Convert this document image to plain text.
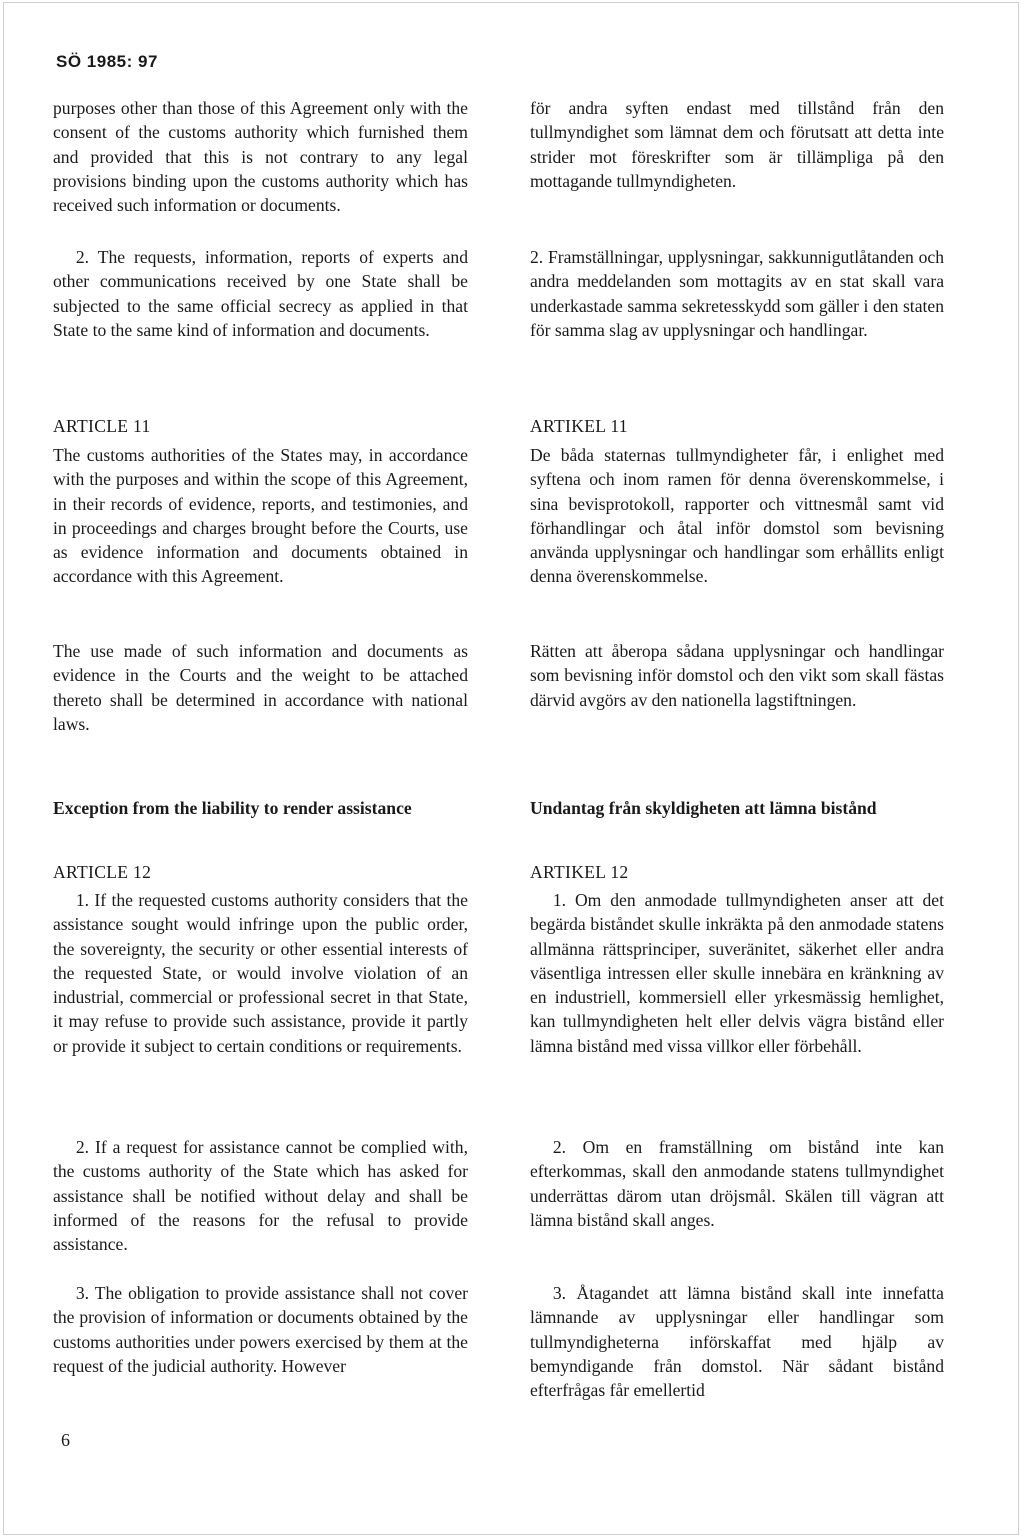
SÖ 1985: 97

purposes other than those of this Agreement only with the consent of the customs authority which furnished them and provided that this is not contrary to any legal provisions binding upon the customs authority which has received such information or documents.

2. The requests, information, reports of experts and other communications received by one State shall be subjected to the same official secrecy as applied in that State to the same kind of information and documents.

ARTICLE 11

The customs authorities of the States may, in accordance with the purposes and within the scope of this Agreement, in their records of evidence, reports, and testimonies, and in proceedings and charges brought before the Courts, use as evidence information and documents obtained in accordance with this Agreement.

The use made of such information and documents as evidence in the Courts and the weight to be attached thereto shall be determined in accordance with national laws.

Exception from the liability to render assistance

ARTICLE 12

1. If the requested customs authority considers that the assistance sought would infringe upon the public order, the sovereignty, the security or other essential interests of the requested State, or would involve violation of an industrial, commercial or professional secret in that State, it may refuse to provide such assistance, provide it partly or provide it subject to certain conditions or requirements.

2. If a request for assistance cannot be complied with, the customs authority of the State which has asked for assistance shall be notified without delay and shall be informed of the reasons for the refusal to provide assistance.

3. The obligation to provide assistance shall not cover the provision of information or documents obtained by the customs authorities under powers exercised by them at the request of the judicial authority. However

för andra syften endast med tillstånd från den tullmyndighet som lämnat dem och förutsatt att detta inte strider mot föreskrifter som är tillämpliga på den mottagande tullmyndigheten.

2. Framställningar, upplysningar, sakkunnigutlåtanden och andra meddelanden som mottagits av en stat skall vara underkastade samma sekretesskydd som gäller i den staten för samma slag av upplysningar och handlingar.

ARTIKEL 11

De båda staternas tullmyndigheter får, i enlighet med syftena och inom ramen för denna överenskommelse, i sina bevisprotokoll, rapporter och vittnesmål samt vid förhandlingar och åtal inför domstol som bevisning använda upplysningar och handlingar som erhållits enligt denna överenskommelse.

Rätten att åberopa sådana upplysningar och handlingar som bevisning inför domstol och den vikt som skall fästas därvid avgörs av den nationella lagstiftningen.

Undantag från skyldigheten att lämna bistånd

ARTIKEL 12

1. Om den anmodade tullmyndigheten anser att det begärda biståndet skulle inkräkta på den anmodade statens allmänna rättsprinciper, suveränitet, säkerhet eller andra väsentliga intressen eller skulle innebära en kränkning av en industriell, kommersiell eller yrkesmässig hemlighet, kan tullmyndigheten helt eller delvis vägra bistånd eller lämna bistånd med vissa villkor eller förbehåll.

2. Om en framställning om bistånd inte kan efterkommas, skall den anmodande statens tullmyndighet underrättas därom utan dröjsmål. Skälen till vägran att lämna bistånd skall anges.

3. Åtagandet att lämna bistånd skall inte innefatta lämnande av upplysningar eller handlingar som tullmyndigheterna införskaffat med hjälp av bemyndigande från domstol. När sådant bistånd efterfrågas får emellertid

6
